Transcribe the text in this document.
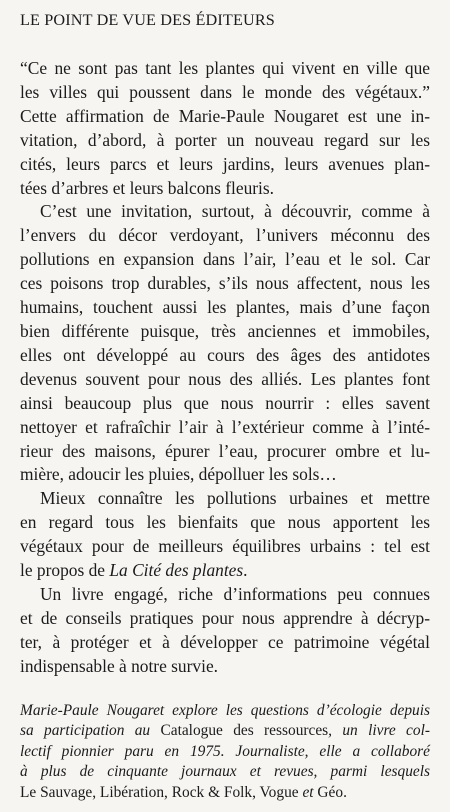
LE POINT DE VUE DES ÉDITEURS

“Ce ne sont pas tant les plantes qui vivent en ville que
les villes qui poussent dans le monde des végétaux.”
Cette affirmation de Marie-Paule Nougaret est une in-
vitation, d’abord, à porter un nouveau regard sur les
cités, leurs parcs et leurs jardins, leurs avenues plan-
tées d’arbres et leurs balcons fleuris.

C’est une invitation, surtout, à découvrir, comme à
l’envers du décor verdoyant, l’univers méconnu des
pollutions en expansion dans l’air, l’eau et le sol. Car
ces poisons trop durables, s’ils nous affectent, nous les
humains, touchent aussi les plantes, mais d’une façon
bien différente puisque, très anciennes et immobiles,
elles ont développé au cours des âges des antidotes
devenus souvent pour nous des alliés. Les plantes font
ainsi beaucoup plus que nous nourrir : elles savent
nettoyer et rafraîchir l’air à l’extérieur comme à l’inté-
rieur des maisons, épurer l’eau, procurer ombre et lu-
mière, adoucir les pluies, dépolluer les sols…

Mieux connaître les pollutions urbaines et mettre
en regard tous les bienfaits que nous apportent les
végétaux pour de meilleurs équilibres urbains : tel est
le propos de La Cité des plantes.

Un livre engagé, riche d’informations peu connues
et de conseils pratiques pour nous apprendre à décryp-
ter, à protéger et à développer ce patrimoine végétal
indispensable à notre survie.

Marie-Paule Nougaret explore les questions d’écologie depuis
sa participation au Catalogue des ressources, un livre col-
lectif pionnier paru en 1975. Journaliste, elle a collaboré
à plus de cinquante journaux et revues, parmi lesquels
Le Sauvage, Libération, Rock & Folk, Vogue et Géo.
